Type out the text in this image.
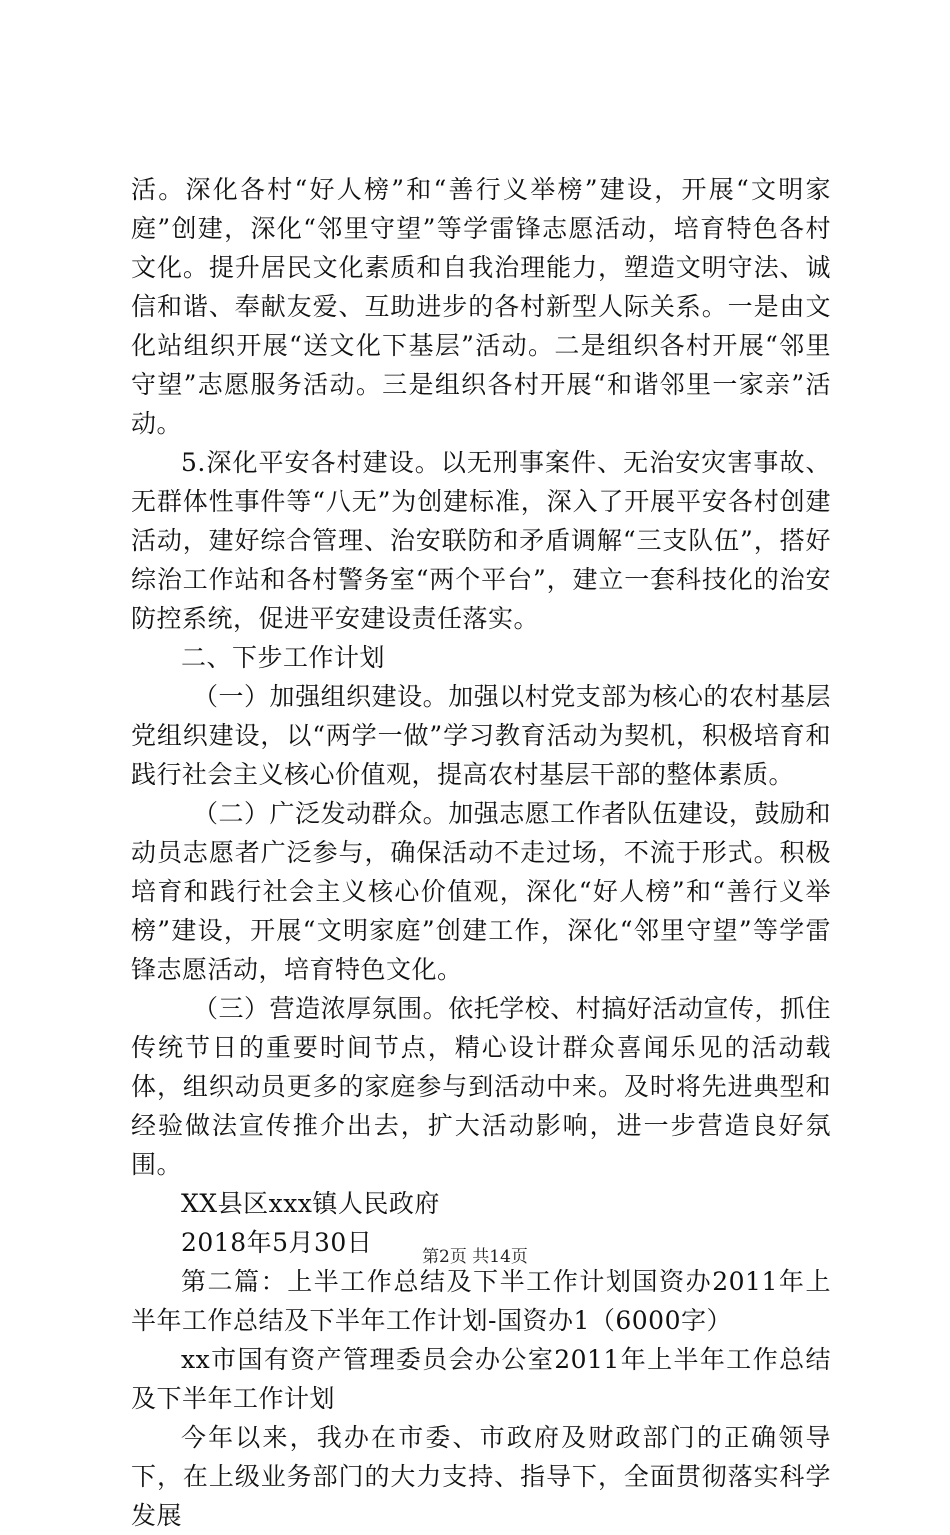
活。深化各村“好人榜”和“善行义举榜”建设，开展“文明家庭”创建，深化“邻里守望”等学雷锋志愿活动，培育特色各村文化。提升居民文化素质和自我治理能力，塑造文明守法、诚信和谐、奉献友爱、互助进步的各村新型人际关系。一是由文化站组织开展“送文化下基层”活动。二是组织各村开展“邻里守望”志愿服务活动。三是组织各村开展“和谐邻里一家亲”活动。

5.深化平安各村建设。以无刑事案件、无治安灾害事故、无群体性事件等“八无”为创建标准，深入了开展平安各村创建活动，建好综合管理、治安联防和矛盾调解“三支队伍”，搭好综治工作站和各村警务室“两个平台”，建立一套科技化的治安防控系统，促进平安建设责任落实。

二、下步工作计划

（一）加强组织建设。加强以村党支部为核心的农村基层党组织建设，以“两学一做”学习教育活动为契机，积极培育和践行社会主义核心价值观，提高农村基层干部的整体素质。

（二）广泛发动群众。加强志愿工作者队伍建设，鼓励和动员志愿者广泛参与，确保活动不走过场，不流于形式。积极培育和践行社会主义核心价值观，深化“好人榜”和“善行义举榜”建设，开展“文明家庭”创建工作，深化“邻里守望”等学雷锋志愿活动，培育特色文化。

（三）营造浓厚氛围。依托学校、村搞好活动宣传，抓住传统节日的重要时间节点，精心设计群众喜闻乐见的活动载体，组织动员更多的家庭参与到活动中来。及时将先进典型和经验做法宣传推介出去，扩大活动影响，进一步营造良好氛围。

XX县区xxx镇人民政府

2018年5月30日

第二篇：上半工作总结及下半工作计划国资办2011年上半年工作总结及下半年工作计划-国资办1（6000字）

xx市国有资产管理委员会办公室2011年上半年工作总结及下半年工作计划

今年以来，我办在市委、市政府及财政部门的正确领导下，在上级业务部门的大力支持、指导下，全面贯彻落实科学发展

第2页 共14页
